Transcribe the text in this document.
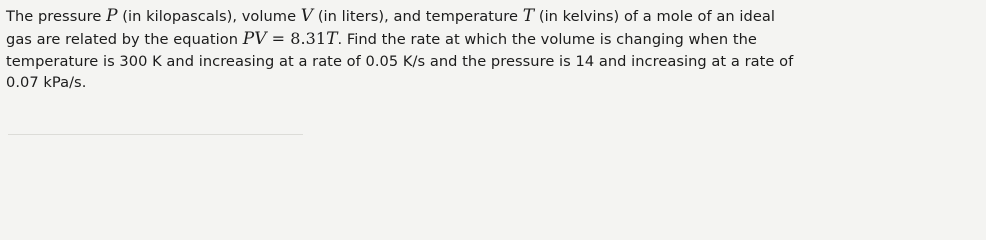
The pressure P (in kilopascals), volume V (in liters), and temperature T (in kelvins) of a mole of an ideal
gas are related by the equation PV = 8.31T. Find the rate at which the volume is changing when the
temperature is 300 K and increasing at a rate of 0.05 K/s and the pressure is 14 and increasing at a rate of
0.07 kPa/s.
